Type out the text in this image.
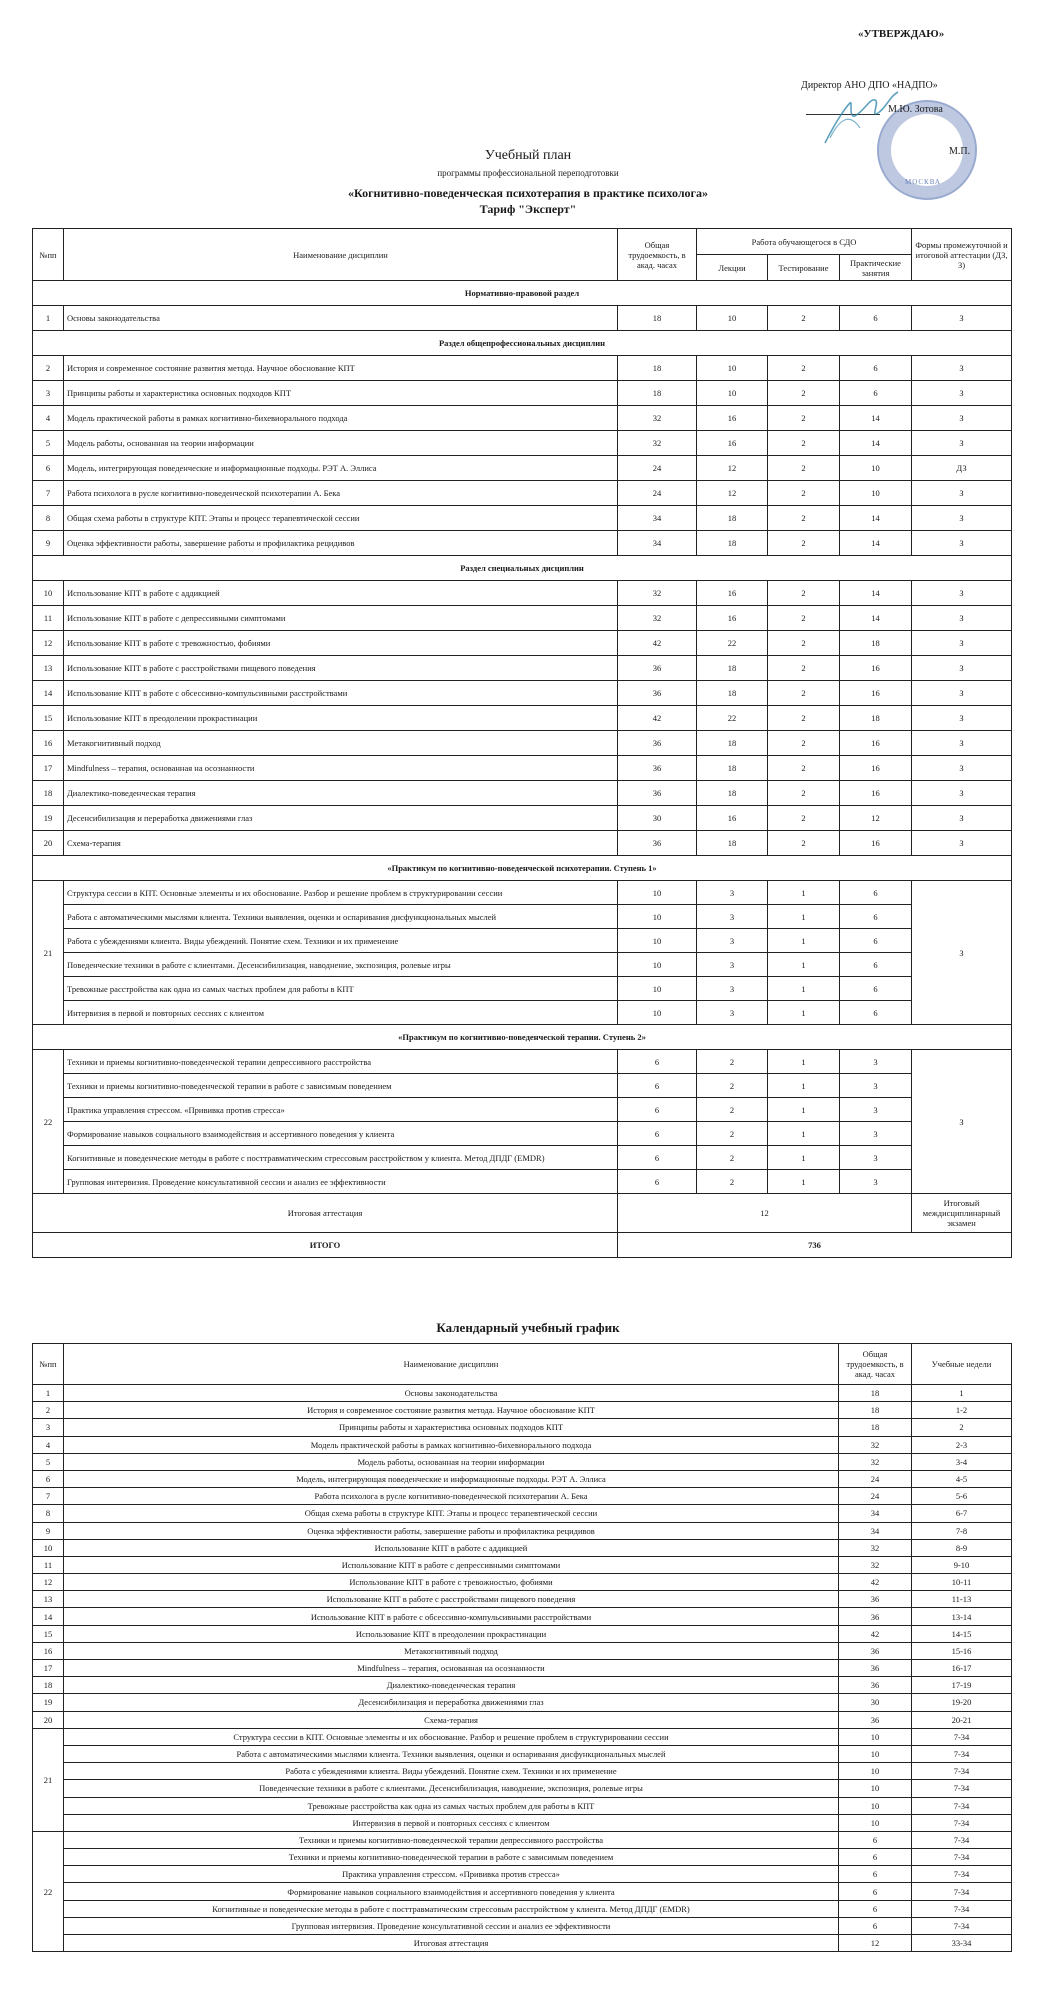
«УТВЕРЖДАЮ»
Директор АНО ДПО «НАДПО»
М.Ю. Зотова
М.П.
МОСКВА
Учебный план
программы профессиональной переподготовки
«Когнитивно-поведенческая психотерапия в практике психолога»
Тариф "Эксперт"
№пп	Наименование дисциплин	Общая трудоемкость, в акад. часах	Работа обучающегося в СДО			Формы промежуточной и итоговой аттестации (ДЗ, З)
			Лекции	Тестирование	Практические занятия	
Нормативно-правовой раздел						
1	Основы законодательства	18	10	2	6	З
Раздел общепрофессиональных дисциплин						
2	История и современное состояние развития метода. Научное обоснование КПТ	18	10	2	6	З
3	Принципы работы и характеристика основных подходов КПТ	18	10	2	6	З
4	Модель практической работы в рамках когнитивно-бихевиорального подхода	32	16	2	14	З
5	Модель работы, основанная на теории информации	32	16	2	14	З
6	Модель, интегрирующая поведенческие и информационные подходы. РЭТ А. Эллиса	24	12	2	10	ДЗ
7	Работа психолога в русле когнитивно-поведенческой психотерапии А. Бека	24	12	2	10	З
8	Общая схема работы в структуре КПТ. Этапы и процесс терапевтической сессии	34	18	2	14	З
9	Оценка эффективности работы, завершение работы и профилактика рецидивов	34	18	2	14	З
Раздел специальных дисциплин						
10	Использование КПТ в работе с аддикцией	32	16	2	14	З
11	Использование КПТ в работе с депрессивными симптомами	32	16	2	14	З
12	Использование КПТ в работе с тревожностью, фобиями	42	22	2	18	З
13	Использование КПТ в работе с расстройствами пищевого поведения	36	18	2	16	З
14	Использование КПТ в работе с обсессивно-компульсивными расстройствами	36	18	2	16	З
15	Использование КПТ в преодолении прокрастинации	42	22	2	18	З
16	Метакогнитивный подход	36	18	2	16	З
17	Mindfulness – терапия, основанная на осознанности	36	18	2	16	З
18	Диалектико-поведенческая терапия	36	18	2	16	З
19	Десенсибилизация и переработка движениями глаз	30	16	2	12	З
20	Схема-терапия	36	18	2	16	З
«Практикум по когнитивно-поведенческой психотерапии. Ступень 1»						
21	Структура сессии в КПТ. Основные элементы и их обоснование. Разбор и решение проблем в структурировании сессии	10	3	1	6	З
	Работа с автоматическими мыслями клиента. Техники выявления, оценки и оспаривания дисфункциональных мыслей	10	3	1	6	
	Работа с убеждениями клиента. Виды убеждений. Понятие схем. Техники и их применение	10	3	1	6	
	Поведенческие техники в работе с клиентами. Десенсибилизация, наводнение, экспозиция, ролевые игры	10	3	1	6	
	Тревожные расстройства как одна из самых частых проблем для работы в КПТ	10	3	1	6	
	Интервизия в первой и повторных сессиях с клиентом	10	3	1	6	
«Практикум по когнитивно-поведенческой терапии. Ступень 2»						
22	Техники и приемы когнитивно-поведенческой терапии депрессивного расстройства	6	2	1	3	З
	Техники и приемы когнитивно-поведенческой терапии в работе с зависимым поведением	6	2	1	3	
	Практика управления стрессом. «Прививка против стресса»	6	2	1	3	
	Формирование навыков социального взаимодействия и ассертивного поведения у клиента	6	2	1	3	
	Когнитивные и поведенческие методы в работе с посттравматическим стрессовым расстройством у клиента. Метод ДПДГ (EMDR)	6	2	1	3	
	Групповая интервизия. Проведение консультативной сессии и анализ ее эффективности	6	2	1	3	
Итоговая аттестация		12				Итоговый междисциплинарный экзамен
ИТОГО		736				
Календарный учебный график
№пп	Наименование дисциплин	Общая трудоемкость, в акад. часах	Учебные недели
1	Основы законодательства	18	1
2	История и современное состояние развития метода. Научное обоснование КПТ	18	1-2
3	Принципы работы и характеристика основных подходов КПТ	18	2
4	Модель практической работы в рамках когнитивно-бихевиорального подхода	32	2-3
5	Модель работы, основанная на теории информации	32	3-4
6	Модель, интегрирующая поведенческие и информационные подходы. РЭТ А. Эллиса	24	4-5
7	Работа психолога в русле когнитивно-поведенческой психотерапии А. Бека	24	5-6
8	Общая схема работы в структуре КПТ. Этапы и процесс терапевтической сессии	34	6-7
9	Оценка эффективности работы, завершение работы и профилактика рецидивов	34	7-8
10	Использование КПТ в работе с аддикцией	32	8-9
11	Использование КПТ в работе с депрессивными симптомами	32	9-10
12	Использование КПТ в работе с тревожностью, фобиями	42	10-11
13	Использование КПТ в работе с расстройствами пищевого поведения	36	11-13
14	Использование КПТ в работе с обсессивно-компульсивными расстройствами	36	13-14
15	Использование КПТ в преодолении прокрастинации	42	14-15
16	Метакогнитивный подход	36	15-16
17	Mindfulness – терапия, основанная на осознанности	36	16-17
18	Диалектико-поведенческая терапия	36	17-19
19	Десенсибилизация и переработка движениями глаз	30	19-20
20	Схема-терапия	36	20-21
21	Структура сессии в КПТ. Основные элементы и их обоснование. Разбор и решение проблем в структурировании сессии	10	7-34
	Работа с автоматическими мыслями клиента. Техники выявления, оценки и оспаривания дисфункциональных мыслей	10	7-34
	Работа с убеждениями клиента. Виды убеждений. Понятие схем. Техники и их применение	10	7-34
	Поведенческие техники в работе с клиентами. Десенсибилизация, наводнение, экспозиция, ролевые игры	10	7-34
	Тревожные расстройства как одна из самых частых проблем для работы в КПТ	10	7-34
	Интервизия в первой и повторных сессиях с клиентом	10	7-34
22	Техники и приемы когнитивно-поведенческой терапии депрессивного расстройства	6	7-34
	Техники и приемы когнитивно-поведенческой терапии в работе с зависимым поведением	6	7-34
	Практика управления стрессом. «Прививка против стресса»	6	7-34
	Формирование навыков социального взаимодействия и ассертивного поведения у клиента	6	7-34
	Когнитивные и поведенческие методы в работе с посттравматическим стрессовым расстройством у клиента. Метод ДПДГ (EMDR)	6	7-34
	Групповая интервизия. Проведение консультативной сессии и анализ ее эффективности	6	7-34
	Итоговая аттестация	12	33-34
